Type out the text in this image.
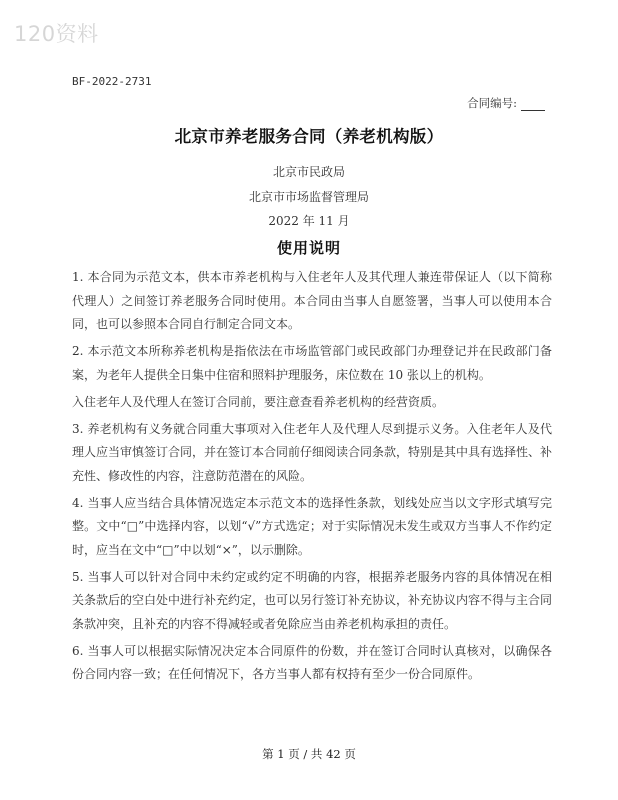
120资料
BF-2022-2731
合同编号:
北京市养老服务合同（养老机构版）
北京市民政局
北京市市场监督管理局
2022 年 11 月
使用说明

1. 本合同为示范文本，供本市养老机构与入住老年人及其代理人兼连带保证人（以下简称代理人）之间签订养老服务合同时使用。本合同由当事人自愿签署，当事人可以使用本合同，也可以参照本合同自行制定合同文本。

2. 本示范文本所称养老机构是指依法在市场监管部门或民政部门办理登记并在民政部门备案，为老年人提供全日集中住宿和照料护理服务，床位数在 10 张以上的机构。

入住老年人及代理人在签订合同前，要注意查看养老机构的经营资质。

3. 养老机构有义务就合同重大事项对入住老年人及代理人尽到提示义务。入住老年人及代理人应当审慎签订合同，并在签订本合同前仔细阅读合同条款，特别是其中具有选择性、补充性、修改性的内容，注意防范潜在的风险。

4. 当事人应当结合具体情况选定本示范文本的选择性条款，划线处应当以文字形式填写完整。文中“□”中选择内容，以划“√”方式选定；对于实际情况未发生或双方当事人不作约定时，应当在文中“□”中以划“×”，以示删除。

5. 当事人可以针对合同中未约定或约定不明确的内容，根据养老服务内容的具体情况在相关条款后的空白处中进行补充约定，也可以另行签订补充协议，补充协议内容不得与主合同条款冲突，且补充的内容不得减轻或者免除应当由养老机构承担的责任。

6. 当事人可以根据实际情况决定本合同原件的份数，并在签订合同时认真核对，以确保各份合同内容一致；在任何情况下，各方当事人都有权持有至少一份合同原件。

第 1 页 / 共 42 页
